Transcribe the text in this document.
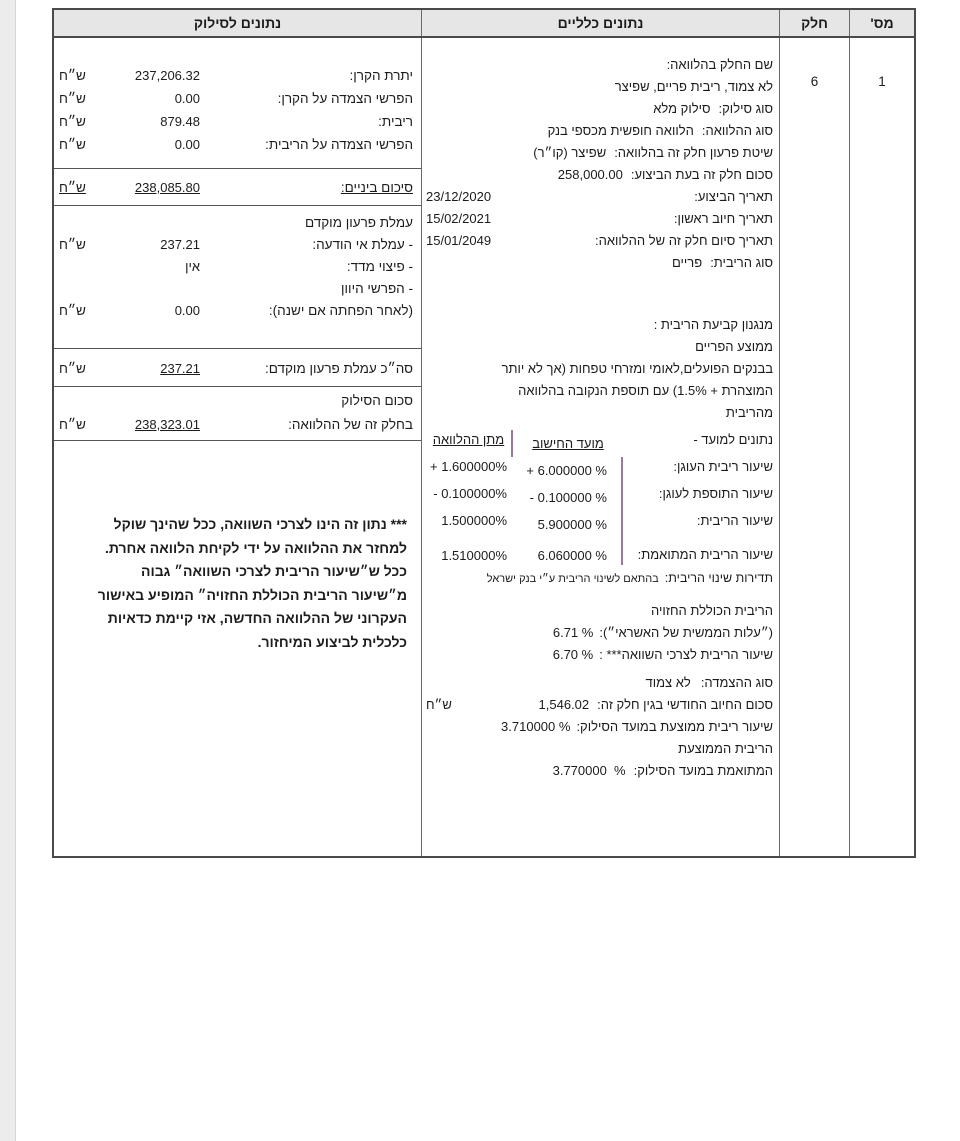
מס'
חלק
נתונים כלליים
נתונים לסילוק
1
6
שם החלק בהלוואה:
לא צמוד, ריבית פריים, שפיצר
סוג סילוק:
סילוק מלא
סוג ההלוואה:
הלוואה חופשית מכספי בנק
שיטת פרעון חלק זה בהלוואה:
שפיצר (קו״ר)
סכום חלק זה בעת הביצוע:
258,000.00
תאריך הביצוע:
23/12/2020
תאריך חיוב ראשון:
15/02/2021
תאריך סיום חלק זה של ההלוואה:
15/01/2049
סוג הריבית:
פריים
מנגנון קביעת הריבית :
ממוצע הפריים
בבנקים הפועלים,לאומי ומזרחי טפחות (אך לא יותר
המוצהרת + 1.5%) עם תוספת הנקובה בהלוואה
מהריבית
נתונים למועד -
מועד החישוב
מתן ההלוואה
שיעור ריבית העוגן:
+ 6.000000 %
+ 1.600000%
שיעור התוספת לעוגן:
- 0.100000 %
- 0.100000%
שיעור הריבית:
5.900000 %
1.500000%
שיעור הריבית המתואמת:
6.060000 %
1.510000%
תדירות שינוי הריבית:
בהתאם לשינוי הריבית ע״י בנק ישראל
הריבית הכוללת החזויה
(״עלות הממשית של האשראי״):
6.71 %
שיעור הריבית לצרכי השוואה*** :
6.70 %
סוג ההצמדה:
לא צמוד
סכום החיוב החודשי בגין חלק זה:
1,546.02
ש״ח
שיעור ריבית ממוצעת במועד הסילוק:
3.710000 %
הריבית הממוצעת
המתואמת במועד הסילוק:
3.770000  %
יתרת הקרן:
237,206.32
ש״ח
הפרשי הצמדה על הקרן:
0.00
ש״ח
ריבית:
879.48
ש״ח
הפרשי הצמדה על הריבית:
0.00
ש״ח
סיכום ביניים:
238,085.80
ש״ח
עמלת פרעון מוקדם
- עמלת אי הודעה:
237.21
ש״ח
- פיצוי מדד:
אין
- הפרשי היוון
(לאחר הפחתה אם ישנה):
0.00
ש״ח
סה״כ עמלת פרעון מוקדם:
237.21
ש״ח
סכום הסילוק
בחלק זה של ההלוואה:
238,323.01
ש״ח
*** נתון זה הינו לצרכי השוואה, ככל שהינך שוקל
למחזר את ההלוואה על ידי לקיחת הלוואה אחרת.
ככל ש״שיעור הריבית לצרכי השוואה״ גבוה
מ״שיעור הריבית הכוללת החזויה״ המופיע באישור
העקרוני של ההלוואה החדשה, אזי קיימת כדאיות
כלכלית לביצוע המיחזור.
